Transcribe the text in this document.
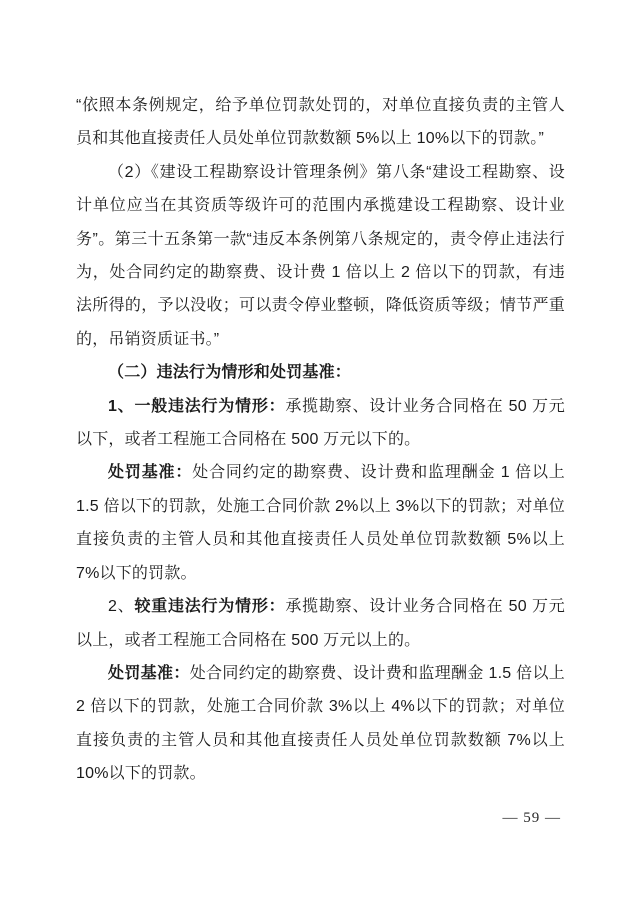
“依照本条例规定，给予单位罚款处罚的，对单位直接负责的主管人员和其他直接责任人员处单位罚款数额 5%以上 10%以下的罚款。”

（2）《建设工程勘察设计管理条例》第八条“建设工程勘察、设计单位应当在其资质等级许可的范围内承揽建设工程勘察、设计业务”。第三十五条第一款“违反本条例第八条规定的，责令停止违法行为，处合同约定的勘察费、设计费 1 倍以上 2 倍以下的罚款，有违法所得的，予以没收；可以责令停业整顿，降低资质等级；情节严重的，吊销资质证书。”

（二）违法行为情形和处罚基准：

1、一般违法行为情形：承揽勘察、设计业务合同格在 50 万元以下，或者工程施工合同格在 500 万元以下的。

处罚基准：处合同约定的勘察费、设计费和监理酬金 1 倍以上 1.5 倍以下的罚款，处施工合同价款 2%以上 3%以下的罚款；对单位直接负责的主管人员和其他直接责任人员处单位罚款数额 5%以上 7%以下的罚款。

2、较重违法行为情形：承揽勘察、设计业务合同格在 50 万元以上，或者工程施工合同格在 500 万元以上的。

处罚基准：处合同约定的勘察费、设计费和监理酬金 1.5 倍以上 2 倍以下的罚款，处施工合同价款 3%以上 4%以下的罚款；对单位直接负责的主管人员和其他直接责任人员处单位罚款数额 7%以上 10%以下的罚款。

— 59 —
